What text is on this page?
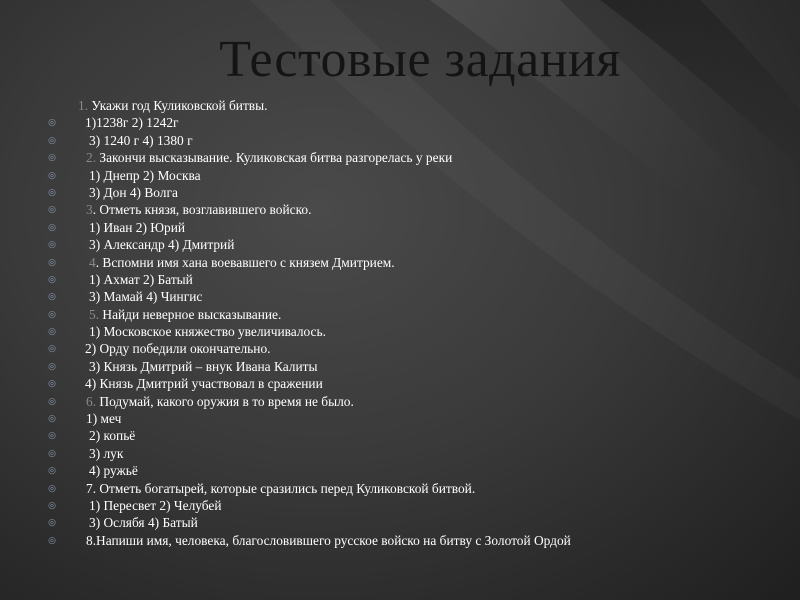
Тестовые задания
1. Укажи год Куликовской битвы.
◎ 1)1238г 2) 1242г
◎ 3) 1240 г 4) 1380 г
◎ 2. Закончи высказывание. Куликовская битва разгорелась у реки
◎ 1) Днепр 2) Москва
◎ 3) Дон 4) Волга
◎ 3. Отметь князя, возглавившего войско.
◎ 1) Иван 2) Юрий
◎ 3) Александр 4) Дмитрий
◎ 4. Вспомни имя хана воевавшего с князем Дмитрием.
◎ 1) Ахмат 2) Батый
◎ 3) Мамай 4) Чингис
◎ 5. Найди неверное высказывание.
◎ 1) Московское княжество увеличивалось.
◎ 2) Орду победили окончательно.
◎ 3) Князь Дмитрий – внук Ивана Калиты
◎ 4) Князь Дмитрий участвовал в сражении
◎ 6. Подумай, какого оружия в то время не было.
◎ 1) меч
◎ 2) копьё
◎ 3) лук
◎ 4) ружьё
◎ 7. Отметь богатырей, которые сразились перед Куликовской битвой.
◎ 1) Пересвет 2) Челубей
◎ 3) Ослябя 4) Батый
◎ 8.Напиши имя, человека, благословившего русское войско на битву с Золотой Ордой
